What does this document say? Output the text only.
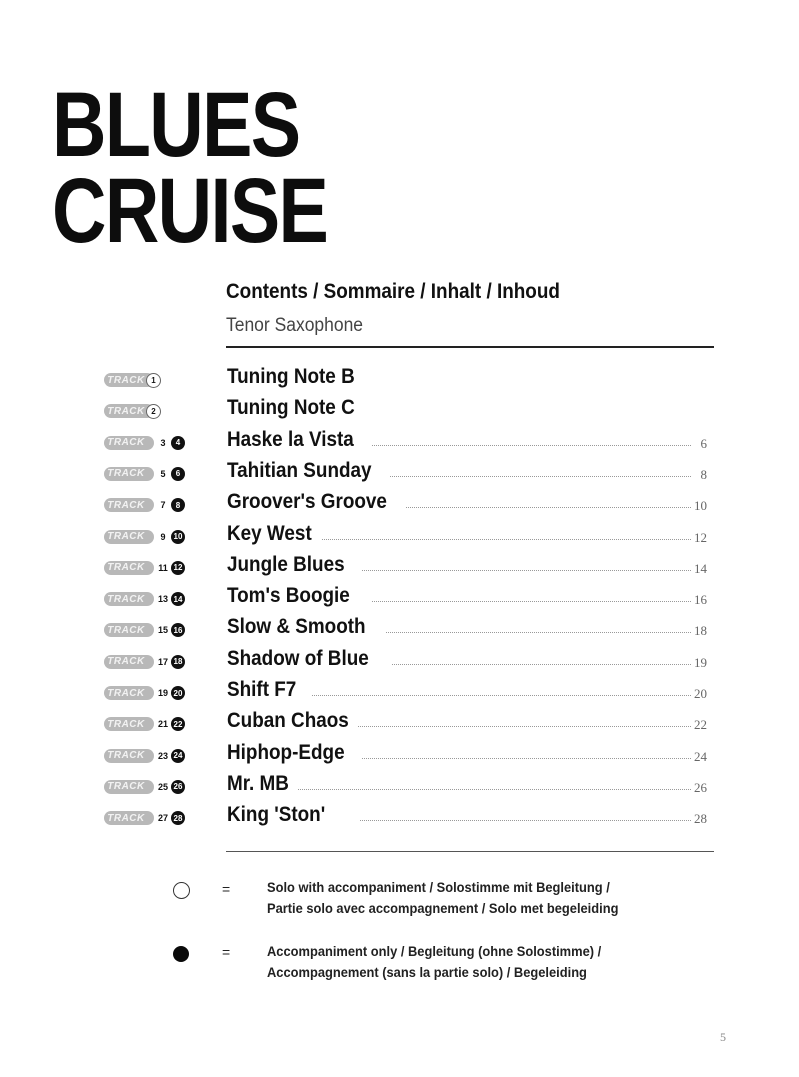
BLUES
CRUISE
Contents / Sommaire / Inhalt / Inhoud
Tenor Saxophone
TRACK 1	Tuning Note B
TRACK 2	Tuning Note C
TRACK	3	4 Haske la Vista	6
TRACK	5	6 Tahitian Sunday	8
TRACK	7	8 Groover's Groove	10
TRACK	9	10 Key West	12
TRACK	11 12 Jungle Blues	14
TRACK	13 14 Tom's Boogie	16
TRACK	15 16 Slow & Smooth	18
TRACK	17 18 Shadow of Blue	19
TRACK	19 20 Shift F7	20
TRACK	21 22 Cuban Chaos	22
TRACK	23 24 Hiphop-Edge	24
TRACK	25 26 Mr. MB	26
TRACK	27 28 King 'Ston'	28
=	Solo with accompaniment / Solostimme mit Begleitung /
Partie solo avec accompagnement / Solo met begeleiding
=	Accompaniment only / Begleitung (ohne Solostimme) /
Accompagnement (sans la partie solo) / Begeleiding
5
